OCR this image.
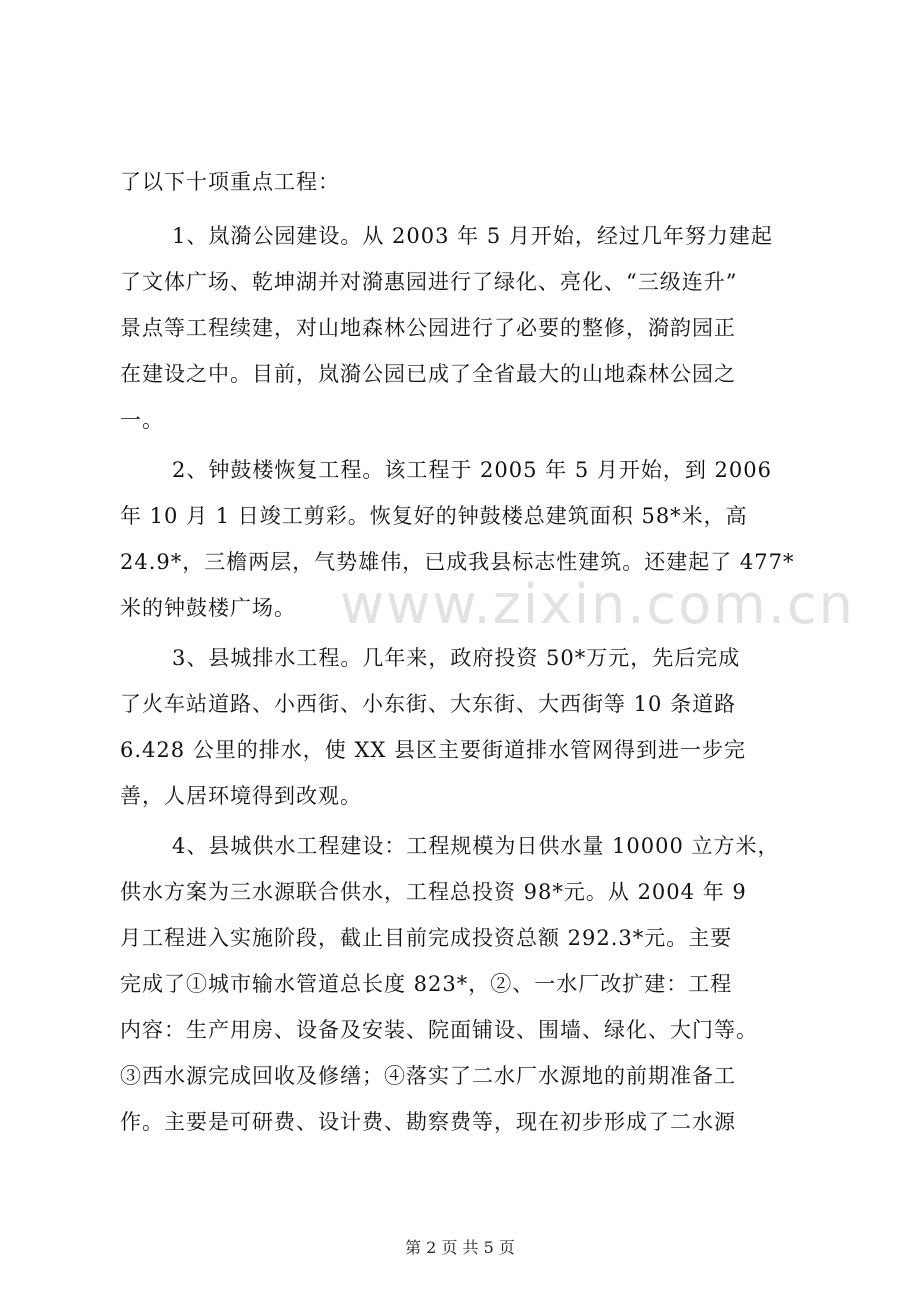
www.zixin.com.cn
了以下十项重点工程：
1、岚漪公园建设。从 2003 年 5 月开始，经过几年努力建起
了文体广场、乾坤湖并对漪惠园进行了绿化、亮化、“三级连升”
景点等工程续建，对山地森林公园进行了必要的整修，漪韵园正
在建设之中。目前，岚漪公园已成了全省最大的山地森林公园之
一。
2、钟鼓楼恢复工程。该工程于 2005 年 5 月开始，到 2006
年 10 月 1 日竣工剪彩。恢复好的钟鼓楼总建筑面积 58*米，高
24.9*，三檐两层，气势雄伟，已成我县标志性建筑。还建起了 477*
米的钟鼓楼广场。
3、县城排水工程。几年来，政府投资 50*万元，先后完成
了火车站道路、小西街、小东街、大东街、大西街等 10 条道路
6.428 公里的排水，使 XX 县区主要街道排水管网得到进一步完
善，人居环境得到改观。
4、县城供水工程建设：工程规模为日供水量 10000 立方米，
供水方案为三水源联合供水，工程总投资 98*元。从 2004 年 9
月工程进入实施阶段，截止目前完成投资总额 292.3*元。主要
完成了①城市输水管道总长度 823*，②、一水厂改扩建：工程
内容：生产用房、设备及安装、院面铺设、围墙、绿化、大门等。
③西水源完成回收及修缮；④落实了二水厂水源地的前期准备工
作。主要是可研费、设计费、勘察费等，现在初步形成了二水源
第 2 页 共 5 页
